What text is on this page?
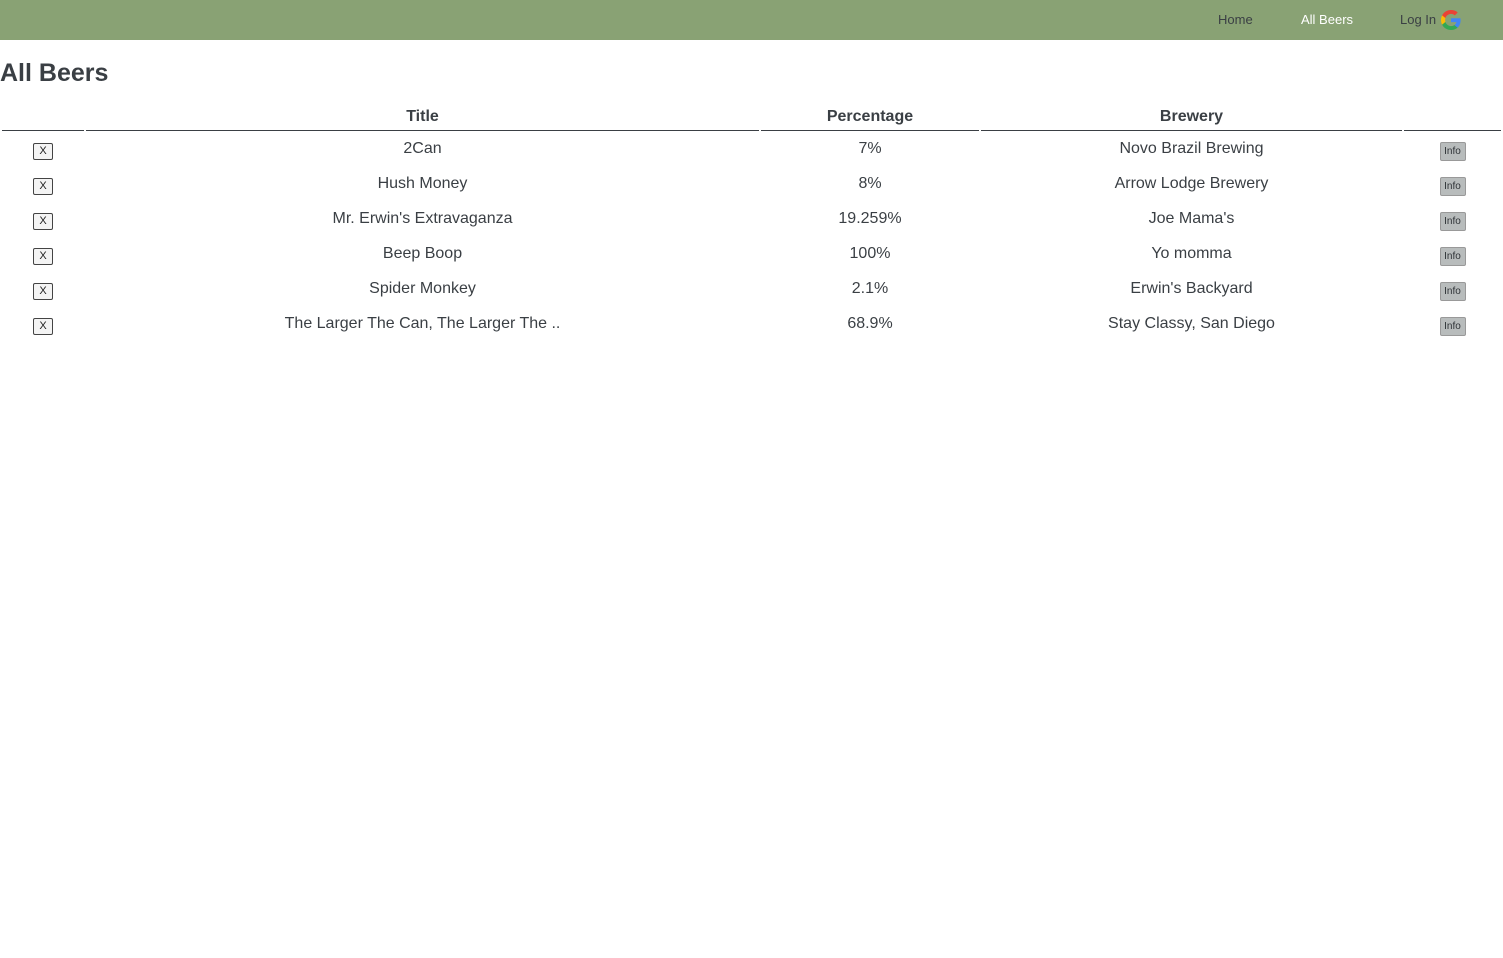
Home	All Beers	Log In
All Beers
	Title	Percentage	Brewery	
X	2Can	7%	Novo Brazil Brewing	Info
X	Hush Money	8%	Arrow Lodge Brewery	Info
X	Mr. Erwin's Extravaganza	19.259%	Joe Mama's	Info
X	Beep Boop	100%	Yo momma	Info
X	Spider Monkey	2.1%	Erwin's Backyard	Info
X	The Larger The Can, The Larger The ..	68.9%	Stay Classy, San Diego	Info
